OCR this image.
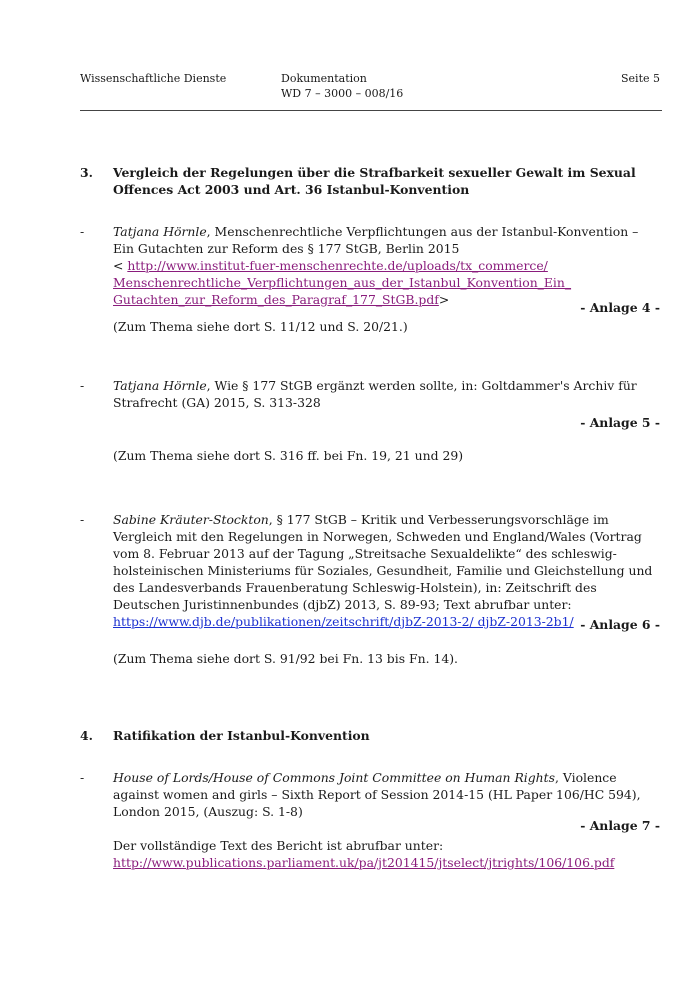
Wissenschaftliche Dienste	Dokumentation
WD 7 – 3000 – 008/16
Seite 5
3. Vergleich der Regelungen über die Strafbarkeit sexueller Gewalt im Sexual Offences Act 2003 und Art. 36 Istanbul-Konvention
- Tatjana Hörnle, Menschenrechtliche Verpflichtungen aus der Istanbul-Konvention – Ein Gutachten zur Reform des § 177 StGB, Berlin 2015
< http://www.institut-fuer-menschenrechte.de/uploads/tx_commerce/ Menschenrechtliche_Verpflichtungen_aus_der_Istanbul_Konvention_Ein_ Gutachten_zur_Reform_des_Paragraf_177_StGB.pdf>
- Anlage 4 -
(Zum Thema siehe dort S. 11/12 und S. 20/21.)
- Tatjana Hörnle, Wie § 177 StGB ergänzt werden sollte, in: Goltdammer's Archiv für Strafrecht (GA) 2015, S. 313-328
- Anlage 5 -
(Zum Thema siehe dort S. 316 ff. bei Fn. 19, 21 und 29)
- Sabine Kräuter-Stockton, § 177 StGB – Kritik und Verbesserungsvorschläge im Vergleich mit den Regelungen in Norwegen, Schweden und England/Wales (Vortrag vom 8. Februar 2013 auf der Tagung „Streitsache Sexualdelikte“ des schleswig-holsteinischen Ministeriums für Soziales, Gesundheit, Familie und Gleichstellung und des Landesverbands Frauenberatung Schleswig-Holstein), in: Zeitschrift des Deutschen Juristinnenbundes (djbZ) 2013, S. 89-93; Text abrufbar unter: https://www.djb.de/publikationen/zeitschrift/djbZ-2013-2/ djbZ-2013-2b1/ - Anlage 6 -
(Zum Thema siehe dort S. 91/92 bei Fn. 13 bis Fn. 14).
4. Ratifikation der Istanbul-Konvention
- House of Lords/House of Commons Joint Committee on Human Rights, Violence against women and girls – Sixth Report of Session 2014-15 (HL Paper 106/HC 594), London 2015, (Auszug: S. 1-8)
- Anlage 7 -
Der vollständige Text des Bericht ist abrufbar unter:
http://www.publications.parliament.uk/pa/jt201415/jtselect/jtrights/106/106.pdf
